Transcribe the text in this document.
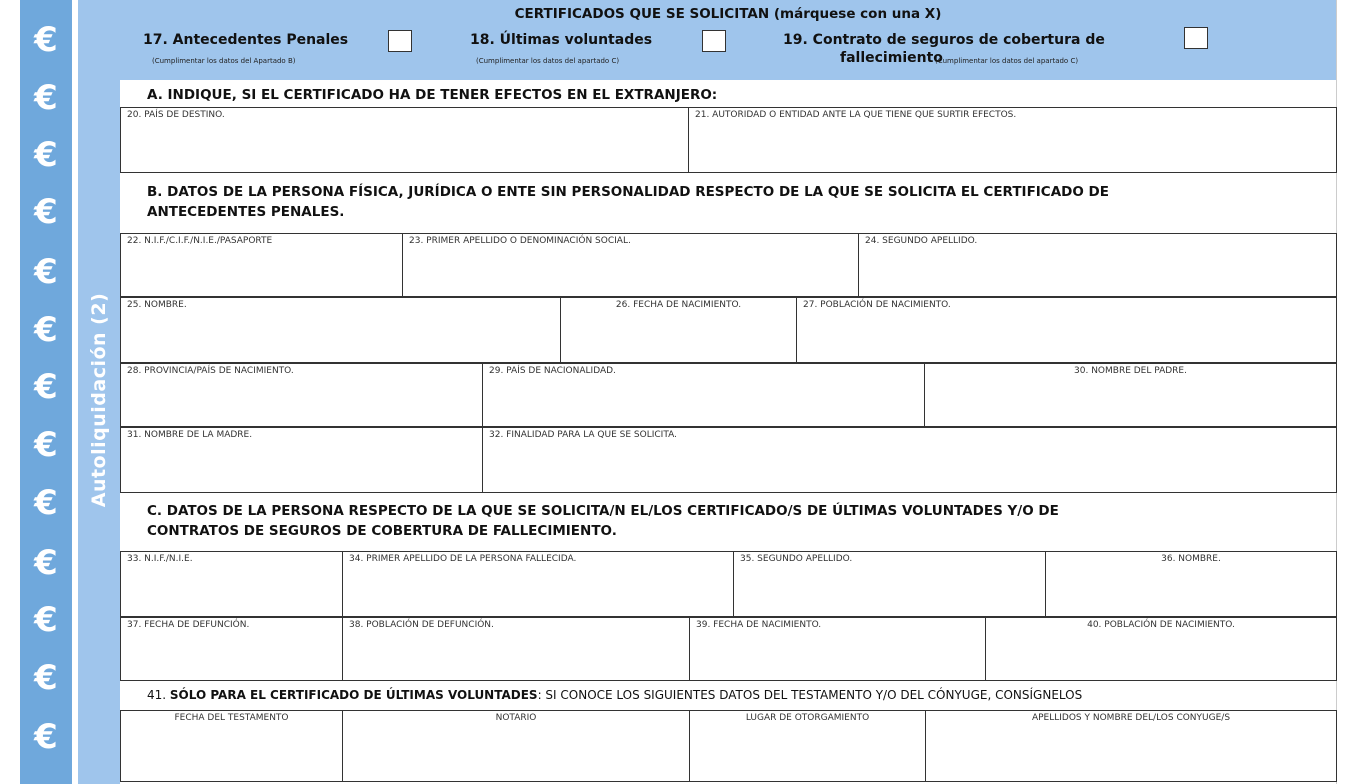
€
€
€
€
€
€
€
€
€
€
€
€
€
Autoliquidación (2)
CERTIFICADOS QUE SE SOLICITAN (márquese con una X)
17. Antecedentes Penales
(Cumplimentar los datos del Apartado B)
18. Últimas voluntades
(Cumplimentar los datos del apartado C)
19. Contrato de seguros de cobertura de
fallecimiento
(Cumplimentar los datos del apartado C)
A. INDIQUE, SI EL CERTIFICADO HA DE TENER EFECTOS EN EL EXTRANJERO:
20. PAÍS DE DESTINO.	21. AUTORIDAD O ENTIDAD ANTE LA QUE TIENE QUE SURTIR EFECTOS.
B. DATOS DE LA PERSONA FÍSICA, JURÍDICA O ENTE SIN PERSONALIDAD RESPECTO DE LA QUE SE SOLICITA EL CERTIFICADO DE
ANTECEDENTES PENALES.
22. N.I.F./C.I.F./N.I.E./PASAPORTE	23. PRIMER APELLIDO O DENOMINACIÓN SOCIAL.	24. SEGUNDO APELLIDO.
25. NOMBRE.	26. FECHA DE NACIMIENTO.	27. POBLACIÓN DE NACIMIENTO.
28. PROVINCIA/PAÍS DE NACIMIENTO.	29. PAÍS DE NACIONALIDAD.	30. NOMBRE DEL PADRE.
31. NOMBRE DE LA MADRE.	32. FINALIDAD PARA LA QUE SE SOLICITA.
C. DATOS DE LA PERSONA RESPECTO DE LA QUE SE SOLICITA/N EL/LOS CERTIFICADO/S DE ÚLTIMAS VOLUNTADES Y/O DE
CONTRATOS DE SEGUROS DE COBERTURA DE FALLECIMIENTO.
33. N.I.F./N.I.E.	34. PRIMER APELLIDO DE LA PERSONA FALLECIDA.	35. SEGUNDO APELLIDO.	36. NOMBRE.
37. FECHA DE DEFUNCIÓN.	38. POBLACIÓN DE DEFUNCIÓN.	39. FECHA DE NACIMIENTO.	40. POBLACIÓN DE NACIMIENTO.
41. SÓLO PARA EL CERTIFICADO DE ÚLTIMAS VOLUNTADES: SI CONOCE LOS SIGUIENTES DATOS DEL TESTAMENTO Y/O DEL CÓNYUGE, CONSÍGNELOS
FECHA DEL TESTAMENTO	NOTARIO	LUGAR DE OTORGAMIENTO	APELLIDOS Y NOMBRE DEL/LOS CONYUGE/S
